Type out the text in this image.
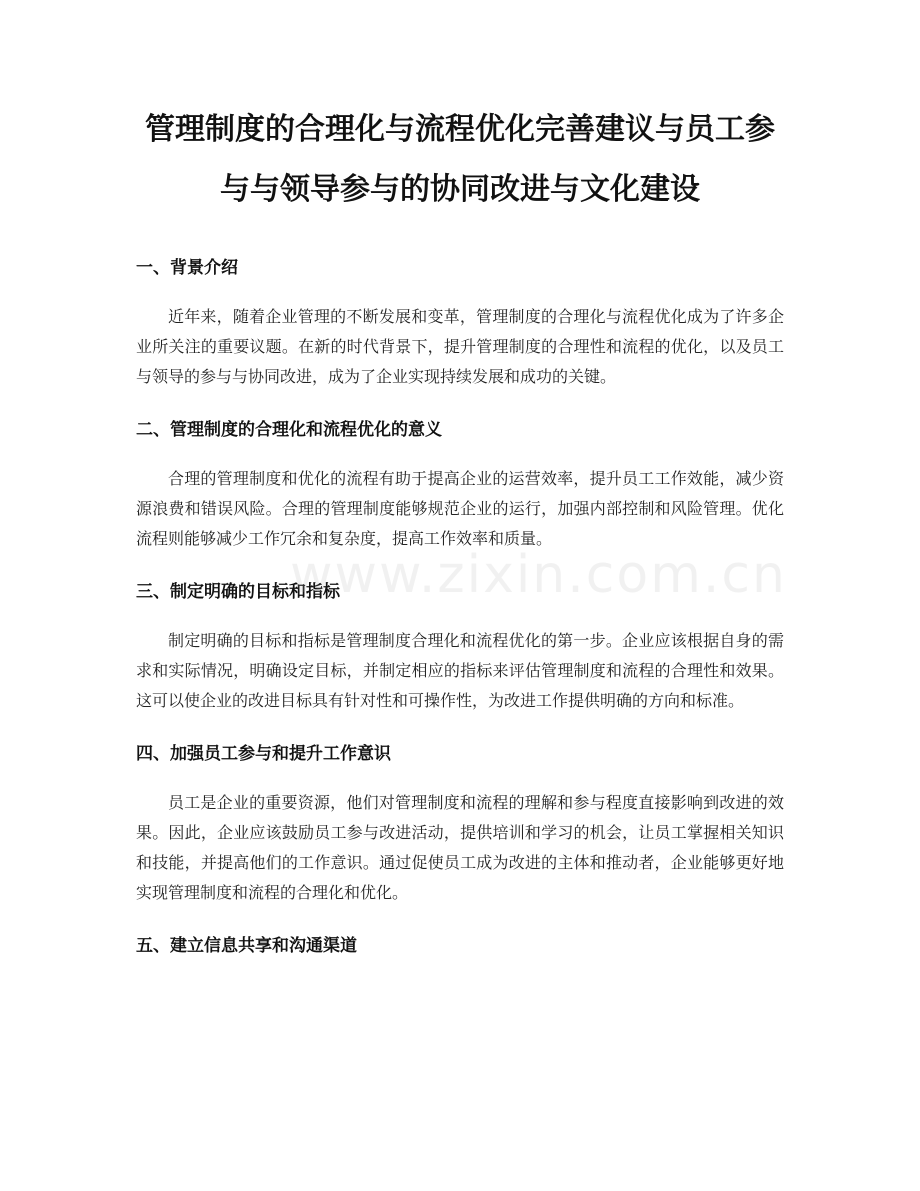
管理制度的合理化与流程优化完善建议与员工参与与领导参与的协同改进与文化建设
一、背景介绍

近年来，随着企业管理的不断发展和变革，管理制度的合理化与流程优化成为了许多企业所关注的重要议题。在新的时代背景下，提升管理制度的合理性和流程的优化，以及员工与领导的参与与协同改进，成为了企业实现持续发展和成功的关键。

二、管理制度的合理化和流程优化的意义

合理的管理制度和优化的流程有助于提高企业的运营效率，提升员工工作效能，减少资源浪费和错误风险。合理的管理制度能够规范企业的运行，加强内部控制和风险管理。优化流程则能够减少工作冗余和复杂度，提高工作效率和质量。

三、制定明确的目标和指标

制定明确的目标和指标是管理制度合理化和流程优化的第一步。企业应该根据自身的需求和实际情况，明确设定目标，并制定相应的指标来评估管理制度和流程的合理性和效果。这可以使企业的改进目标具有针对性和可操作性，为改进工作提供明确的方向和标准。

四、加强员工参与和提升工作意识

员工是企业的重要资源，他们对管理制度和流程的理解和参与程度直接影响到改进的效果。因此，企业应该鼓励员工参与改进活动，提供培训和学习的机会，让员工掌握相关知识和技能，并提高他们的工作意识。通过促使员工成为改进的主体和推动者，企业能够更好地实现管理制度和流程的合理化和优化。

五、建立信息共享和沟通渠道
www.zixin.com.cn
